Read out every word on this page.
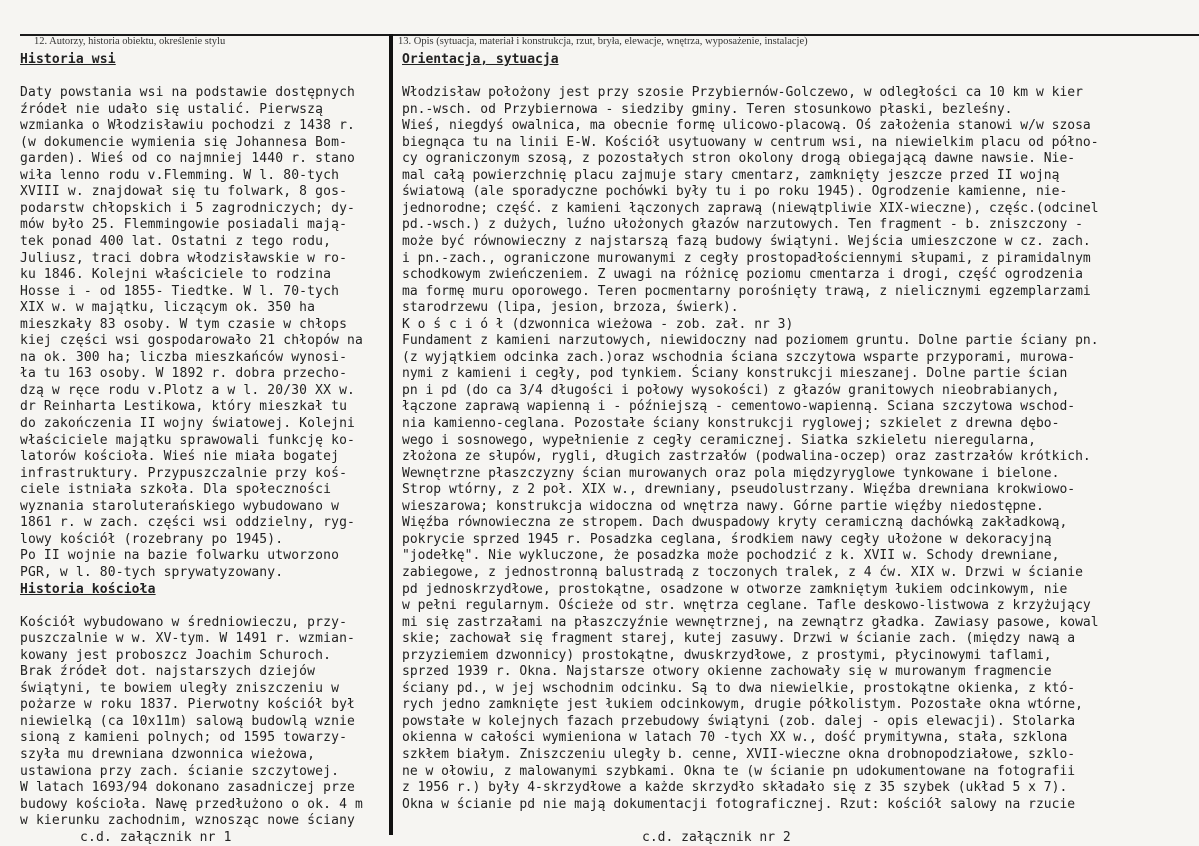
12. Autorzy, historia obiektu, określenie stylu	13. Opis (sytuacja, materiał i konstrukcja, rzut, bryła, elewacje, wnętrza, wyposażenie, instalacje)
Historia wsi

Daty powstania wsi na podstawie dostępnych
źródeł nie udało się ustalić. Pierwszą
wzmianka o Włodzisławiu pochodzi z 1438 r.
(w dokumencie wymienia się Johannesa Bom-
garden). Wieś od co najmniej 1440 r. stano
wiła lenno rodu v.Flemming. W l. 80-tych
XVIII w. znajdował się tu folwark, 8 gos-
podarstw chłopskich i 5 zagrodniczych; dy-
mów było 25. Flemmingowie posiadali mają-
tek ponad 400 lat. Ostatni z tego rodu,
Juliusz, traci dobra włodzisławskie w ro-
ku 1846. Kolejni właściciele to rodzina
Hosse i - od 1855- Tiedtke. W l. 70-tych
XIX w. w majątku, liczącym ok. 350 ha
mieszkały 83 osoby. W tym czasie w chłops
kiej części wsi gospodarowało 21 chłopów na
na ok. 300 ha; liczba mieszkańców wynosi-
ła tu 163 osoby. W 1892 r. dobra przecho-
dzą w ręce rodu v.Plotz a w l. 20/30 XX w.
dr Reinharta Lestikowa, który mieszkał tu
do zakończenia II wojny światowej. Kolejni
właściciele majątku sprawowali funkcję ko-
latorów kościoła. Wieś nie miała bogatej
infrastruktury. Przypuszczalnie przy koś-
ciele istniała szkoła. Dla społeczności
wyznania staroluterańskiego wybudowano w
1861 r. w zach. części wsi oddzielny, ryg-
lowy kościół (rozebrany po 1945).
Po II wojnie na bazie folwarku utworzono
PGR, w l. 80-tych sprywatyzowany.
Historia kościoła

Kościół wybudowano w średniowieczu, przy-
puszczalnie w w. XV-tym. W 1491 r. wzmian-
kowany jest proboszcz Joachim Schuroch.
Brak źródeł dot. najstarszych dziejów
świątyni, te bowiem uległy zniszczeniu w
pożarze w roku 1837. Pierwotny kościół był
niewielką (ca 10x11m) salową budowlą wznie
sioną z kamieni polnych; od 1595 towarzy-
szyła mu drewniana dzwonnica wieżowa,
ustawiona przy zach. ścianie szczytowej.
W latach 1693/94 dokonano zasadniczej prze
budowy kościoła. Nawę przedłużono o ok. 4 m
w kierunku zachodnim, wznosząc nowe ściany
c.d. załącznik nr 1
Orientacja, sytuacja

Włodzisław położony jest przy szosie Przybiernów-Golczewo, w odległości ca 10 km w kier
pn.-wsch. od Przybiernowa - siedziby gminy. Teren stosunkowo płaski, bezleśny.
Wieś, niegdyś owalnica, ma obecnie formę ulicowo-placową. Oś założenia stanowi w/w szosa
biegnąca tu na linii E-W. Kościół usytuowany w centrum wsi, na niewielkim placu od półno-
cy ograniczonym szosą, z pozostałych stron okolony drogą obiegającą dawne nawsie. Nie-
mal całą powierzchnię placu zajmuje stary cmentarz, zamknięty jeszcze przed II wojną
światową (ale sporadyczne pochówki były tu i po roku 1945). Ogrodzenie kamienne, nie-
jednorodne; część. z kamieni łączonych zaprawą (niewątpliwie XIX-wieczne), częśc.(odcinel
pd.-wsch.) z dużych, luźno ułożonych głazów narzutowych. Ten fragment - b. zniszczony -
może być równowieczny z najstarszą fazą budowy świątyni. Wejścia umieszczone w cz. zach.
i pn.-zach., ograniczone murowanymi z cegły prostopadłościennymi słupami, z piramidalnym
schodkowym zwieńczeniem. Z uwagi na różnicę poziomu cmentarza i drogi, część ogrodzenia
ma formę muru oporowego. Teren pocmentarny porośnięty trawą, z nielicznymi egzemplarzami
starodrzewu (lipa, jesion, brzoza, świerk).
K o ś c i ó ł (dzwonnica wieżowa - zob. zał. nr 3)
Fundament z kamieni narzutowych, niewidoczny nad poziomem gruntu. Dolne partie ściany pn.
(z wyjątkiem odcinka zach.)oraz wschodnia ściana szczytowa wsparte przyporami, murowa-
nymi z kamieni i cegły, pod tynkiem. Ściany konstrukcji mieszanej. Dolne partie ścian
pn i pd (do ca 3/4 długości i połowy wysokości) z głazów granitowych nieobrabianych,
łączone zaprawą wapienną i - późniejszą - cementowo-wapienną. Sciana szczytowa wschod-
nia kamienno-ceglana. Pozostałe ściany konstrukcji ryglowej; szkielet z drewna dębo-
wego i sosnowego, wypełnienie z cegły ceramicznej. Siatka szkieletu nieregularna,
złożona ze słupów, rygli, długich zastrzałów (podwalina-oczep) oraz zastrzałów krótkich.
Wewnętrzne płaszczyzny ścian murowanych oraz pola międzyryglowe tynkowane i bielone.
Strop wtórny, z 2 poł. XIX w., drewniany, pseudolustrzany. Więźba drewniana krokwiowo-
wieszarowa; konstrukcja widoczna od wnętrza nawy. Górne partie więźby niedostępne.
Więźba równowieczna ze stropem. Dach dwuspadowy kryty ceramiczną dachówką zakładkową,
pokrycie sprzed 1945 r. Posadzka ceglana, środkiem nawy cegły ułożone w dekoracyjną
"jodełkę". Nie wykluczone, że posadzka może pochodzić z k. XVII w. Schody drewniane,
zabiegowe, z jednostronną balustradą z toczonych tralek, z 4 ćw. XIX w. Drzwi w ścianie
pd jednoskrzydłowe, prostokątne, osadzone w otworze zamkniętym łukiem odcinkowym, nie
w pełni regularnym. Ościeże od str. wnętrza ceglane. Tafle deskowo-listwowa z krzyżujący
mi się zastrzałami na płaszczyźnie wewnętrznej, na zewnątrz gładka. Zawiasy pasowe, kowal
skie; zachował się fragment starej, kutej zasuwy. Drzwi w ścianie zach. (między nawą a
przyziemiem dzwonnicy) prostokątne, dwuskrzydłowe, z prostymi, płycinowymi taflami,
sprzed 1939 r. Okna. Najstarsze otwory okienne zachowały się w murowanym fragmencie
ściany pd., w jej wschodnim odcinku. Są to dwa niewielkie, prostokątne okienka, z któ-
rych jedno zamknięte jest łukiem odcinkowym, drugie półkolistym. Pozostałe okna wtórne,
powstałe w kolejnych fazach przebudowy świątyni (zob. dalej - opis elewacji). Stolarka
okienna w całości wymieniona w latach 70 -tych XX w., dość prymitywna, stała, szklona
szkłem białym. Zniszczeniu uległy b. cenne, XVII-wieczne okna drobnopodziałowe, szklo-
ne w ołowiu, z malowanymi szybkami. Okna te (w ścianie pn udokumentowane na fotografii
z 1956 r.) były 4-skrzydłowe a każde skrzydło składało się z 35 szybek (układ 5 x 7).
Okna w ścianie pd nie mają dokumentacji fotograficznej. Rzut: kościół salowy na rzucie

c.d. załącznik nr 2
